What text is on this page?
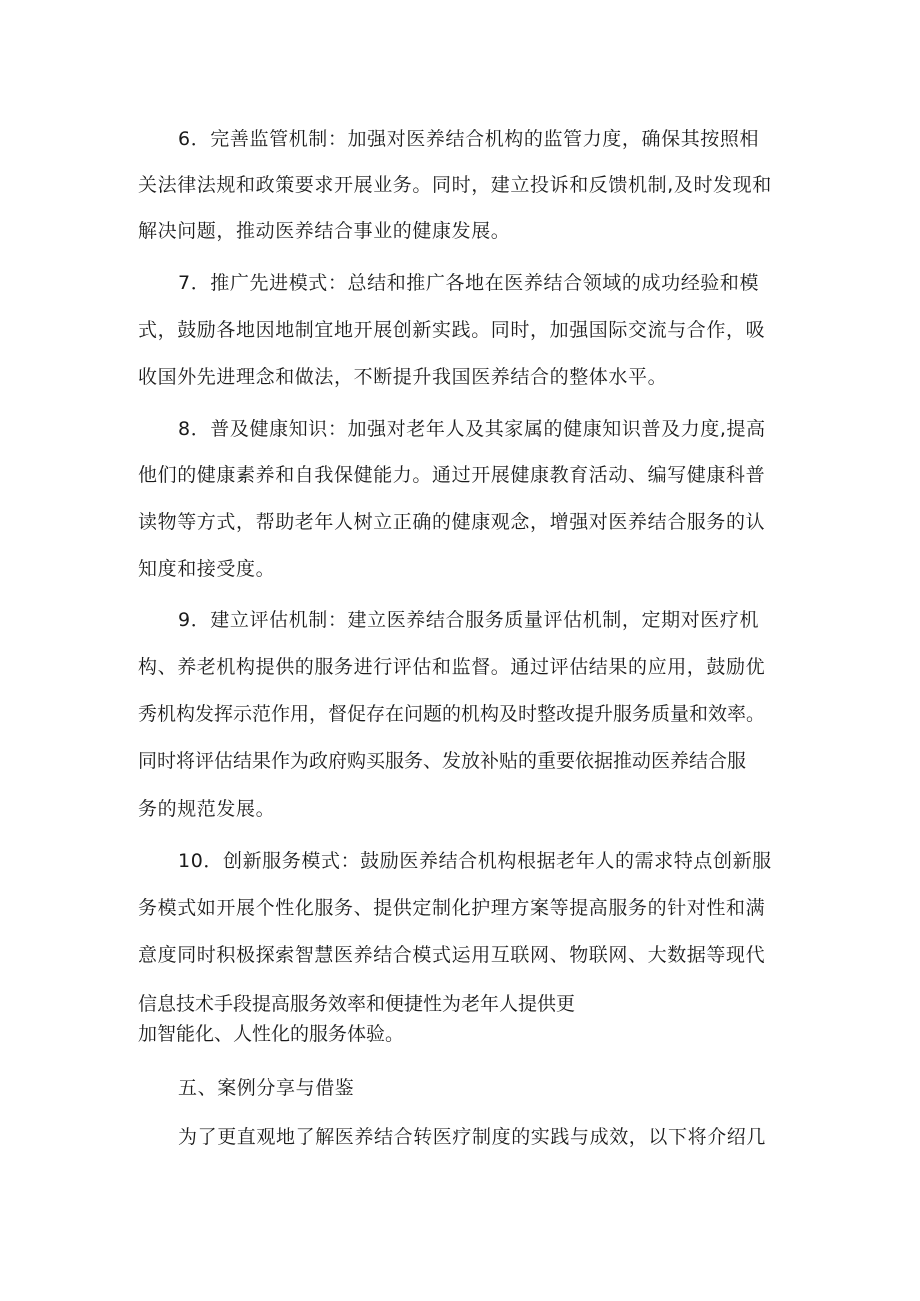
6．完善监管机制：加强对医养结合机构的监管力度，确保其按照相
关法律法规和政策要求开展业务。同时，建立投诉和反馈机制,及时发现和
解决问题，推动医养结合事业的健康发展。
7．推广先进模式：总结和推广各地在医养结合领域的成功经验和模
式，鼓励各地因地制宜地开展创新实践。同时，加强国际交流与合作，吸
收国外先进理念和做法，不断提升我国医养结合的整体水平。
8．普及健康知识：加强对老年人及其家属的健康知识普及力度,提高
他们的健康素养和自我保健能力。通过开展健康教育活动、编写健康科普
读物等方式，帮助老年人树立正确的健康观念，增强对医养结合服务的认
知度和接受度。
9．建立评估机制：建立医养结合服务质量评估机制，定期对医疗机
构、养老机构提供的服务进行评估和监督。通过评估结果的应用，鼓励优
秀机构发挥示范作用，督促存在问题的机构及时整改提升服务质量和效率。
同时将评估结果作为政府购买服务、发放补贴的重要依据推动医养结合服
务的规范发展。
10．创新服务模式：鼓励医养结合机构根据老年人的需求特点创新服
务模式如开展个性化服务、提供定制化护理方案等提高服务的针对性和满
意度同时积极探索智慧医养结合模式运用互联网、物联网、大数据等现代
信息技术手段提高服务效率和便捷性为老年人提供更
加智能化、人性化的服务体验。
五、案例分享与借鉴
为了更直观地了解医养结合转医疗制度的实践与成效，以下将介绍几
